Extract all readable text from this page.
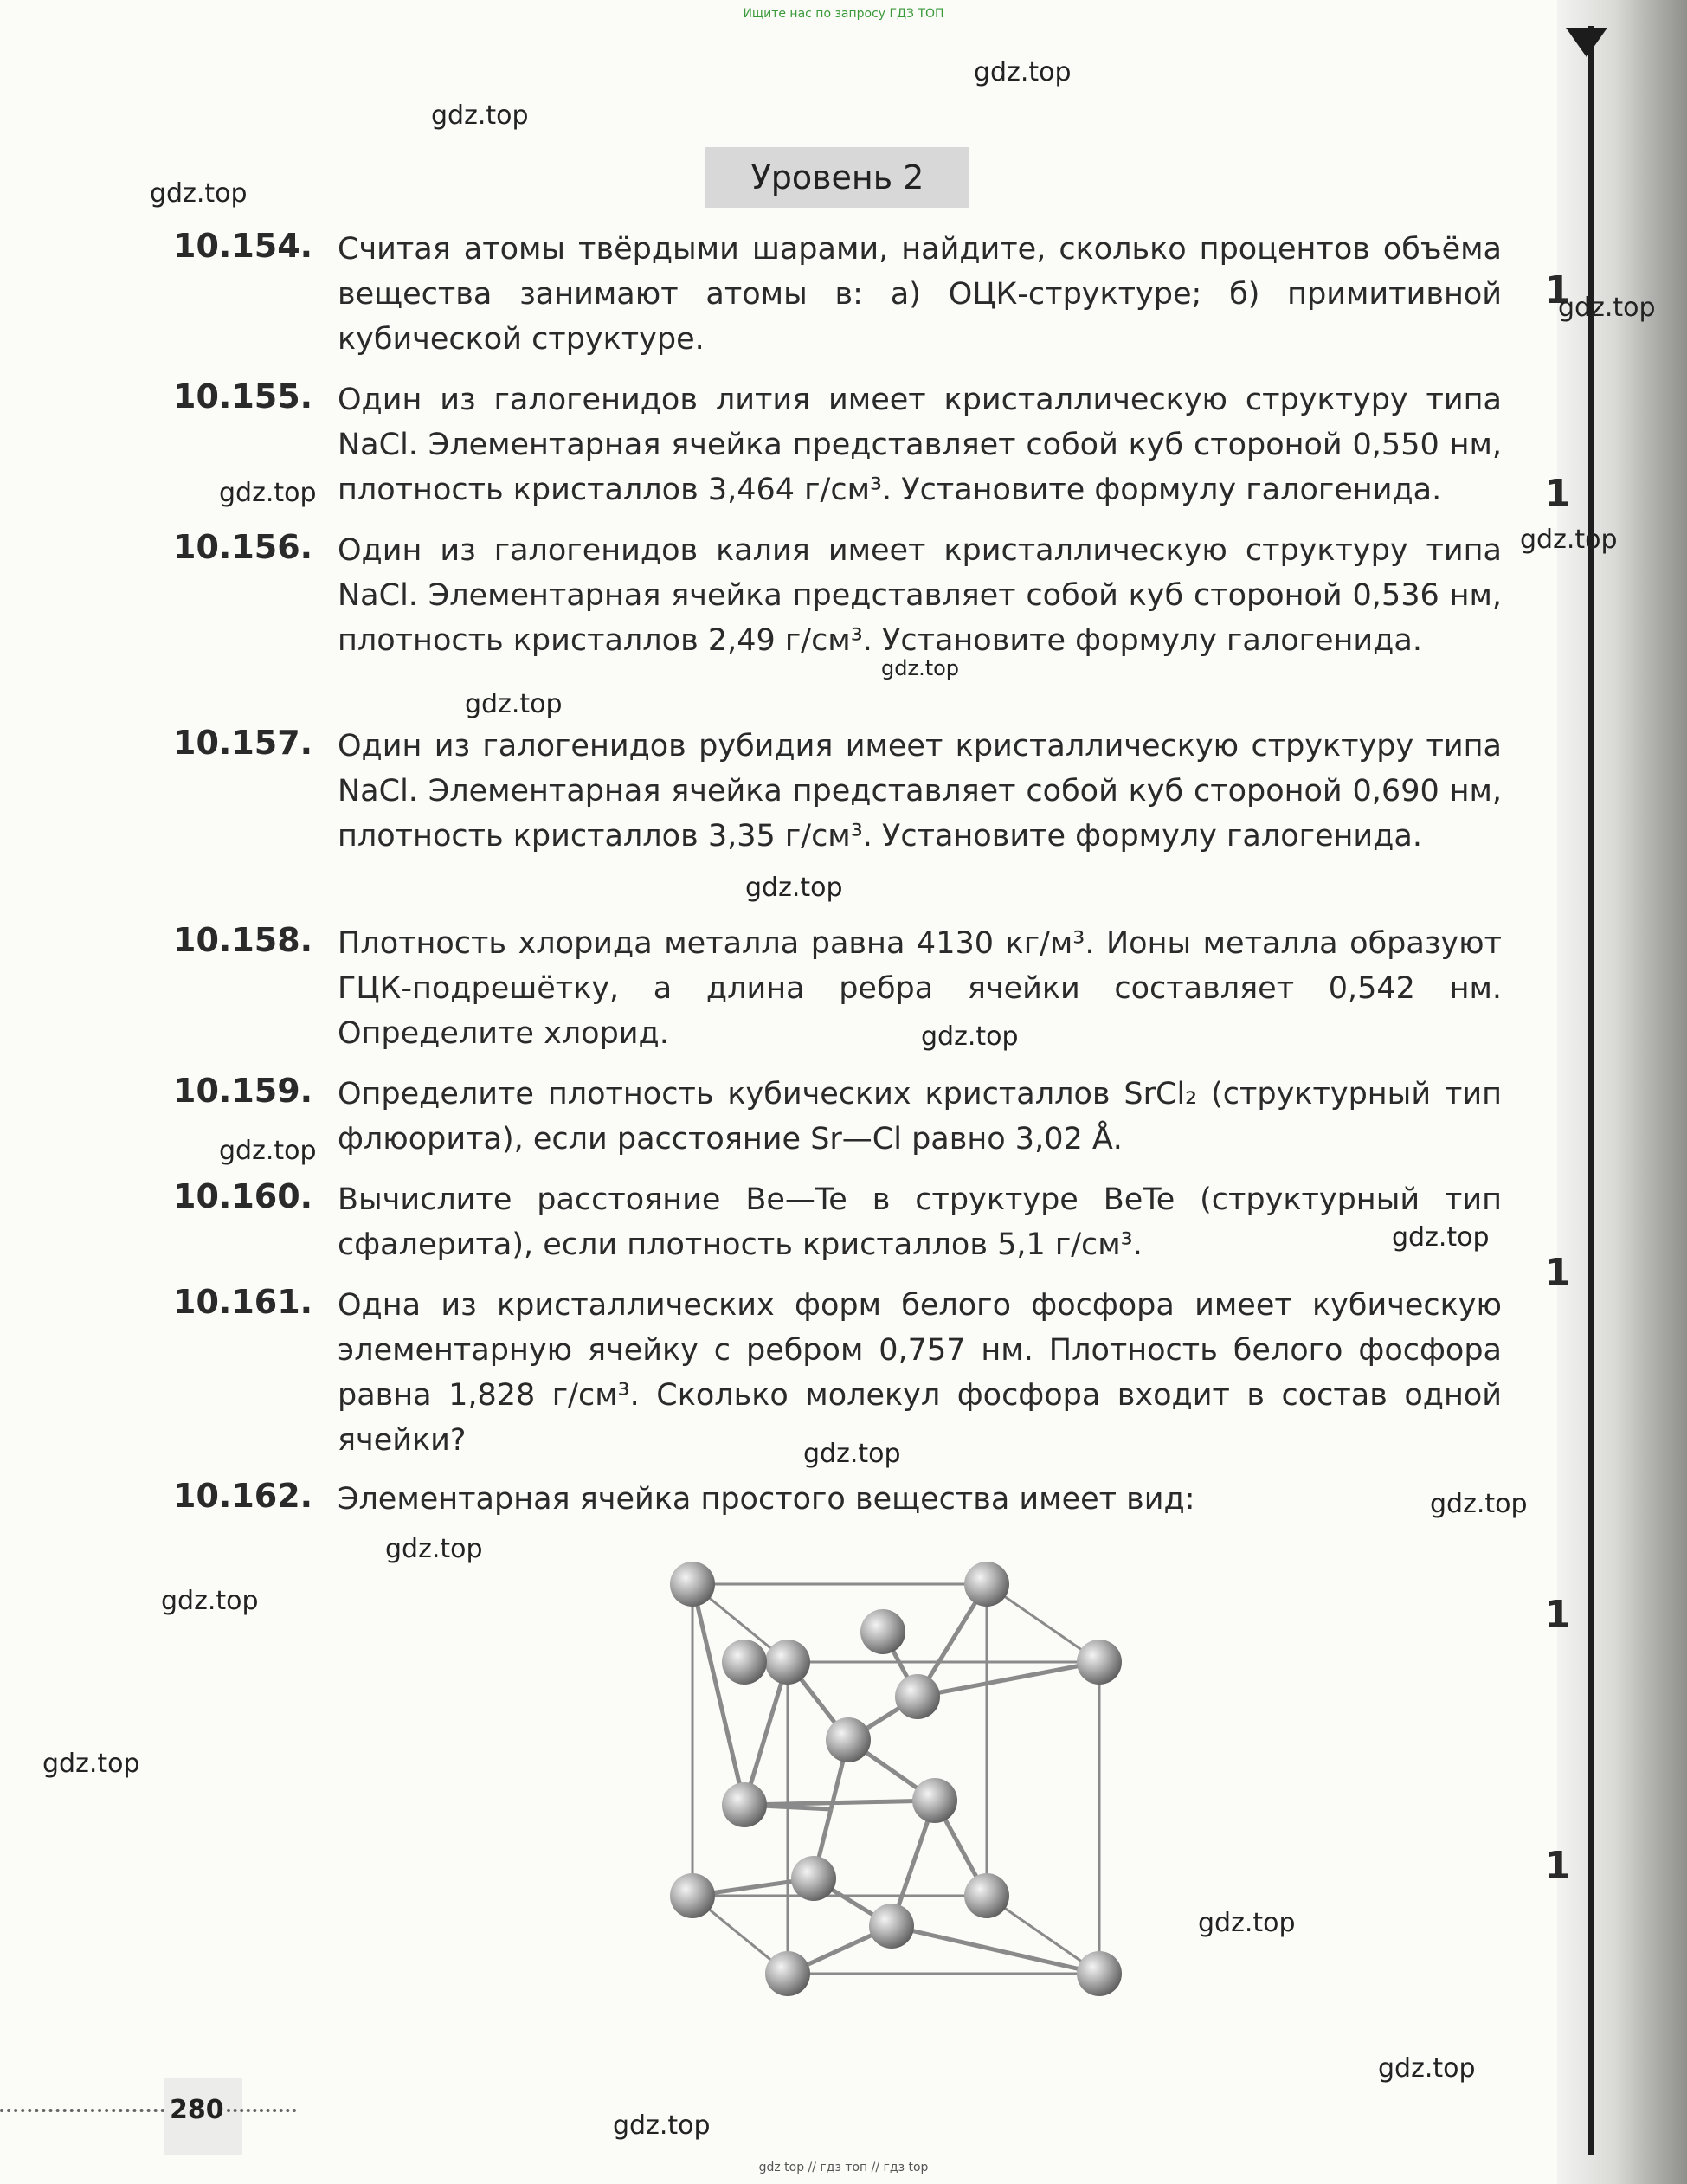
1
1
1
1
1
Ищите нас по запросу ГДЗ ТОП
gdz.top
gdz.top
gdz.top
gdz.top
gdz.top
gdz.top
gdz.top
gdz.top
gdz.top
gdz.top
gdz.top
gdz.top
gdz.top
gdz.top
gdz.top
gdz.top
gdz.top
gdz.top
gdz.top
gdz.top
Уровень 2
10.154. Считая атомы твёрдыми шарами, найдите, сколько процентов объёма вещества занимают атомы в: а) ОЦК-структуре; б) примитивной кубической структуре.
10.155. Один из галогенидов лития имеет кристаллическую структуру типа NaCl. Элементарная ячейка представляет собой куб стороной 0,550 нм, плотность кристаллов 3,464 г/см³. Установите формулу галогенида.
10.156. Один из галогенидов калия имеет кристаллическую структуру типа NaCl. Элементарная ячейка представляет собой куб стороной 0,536 нм, плотность кристаллов 2,49 г/см³. Установите формулу галогенида.
10.157. Один из галогенидов рубидия имеет кристаллическую структуру типа NaCl. Элементарная ячейка представляет собой куб стороной 0,690 нм, плотность кристаллов 3,35 г/см³. Установите формулу галогенида.
10.158. Плотность хлорида металла равна 4130 кг/м³. Ионы металла образуют ГЦК-подрешётку, а длина ребра ячейки составляет 0,542 нм. Определите хлорид.
10.159. Определите плотность кубических кристаллов SrCl₂ (структурный тип флюорита), если расстояние Sr—Cl равно 3,02 Å.
10.160. Вычислите расстояние Be—Te в структуре BeTe (структурный тип сфалерита), если плотность кристаллов 5,1 г/см³.
10.161. Одна из кристаллических форм белого фосфора имеет кубическую элементарную ячейку с ребром 0,757 нм. Плотность белого фосфора равна 1,828 г/см³. Сколько молекул фосфора входит в состав одной ячейки?
10.162. Элементарная ячейка простого вещества имеет вид:
280
gdz top // гдз топ // гдз top
